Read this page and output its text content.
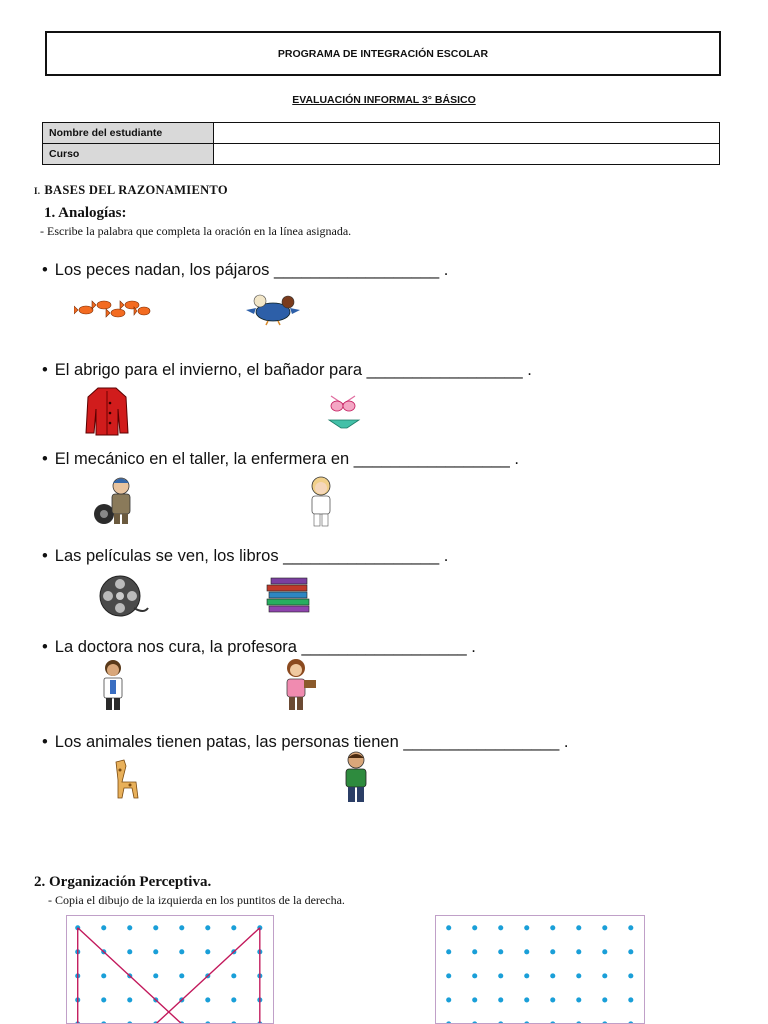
PROGRAMA DE INTEGRACIÓN ESCOLAR
EVALUACIÓN INFORMAL 3° BÁSICO
Nombre del estudiante	
Curso	
I. BASES DEL RAZONAMIENTO
1. Analogías:
- Escribe la palabra que completa la oración en la línea asignada.
• Los peces nadan, los pájaros __________________ .
• El abrigo para el invierno, el bañador para _________________ .
• El mecánico en el taller, la enfermera en _________________ .
• Las películas se ven, los libros _________________ .
• La doctora nos cura, la profesora __________________ .
• Los animales tienen patas, las personas tienen _________________ .
2. Organización Perceptiva.
- Copia el dibujo de la izquierda en los puntitos de la derecha.
